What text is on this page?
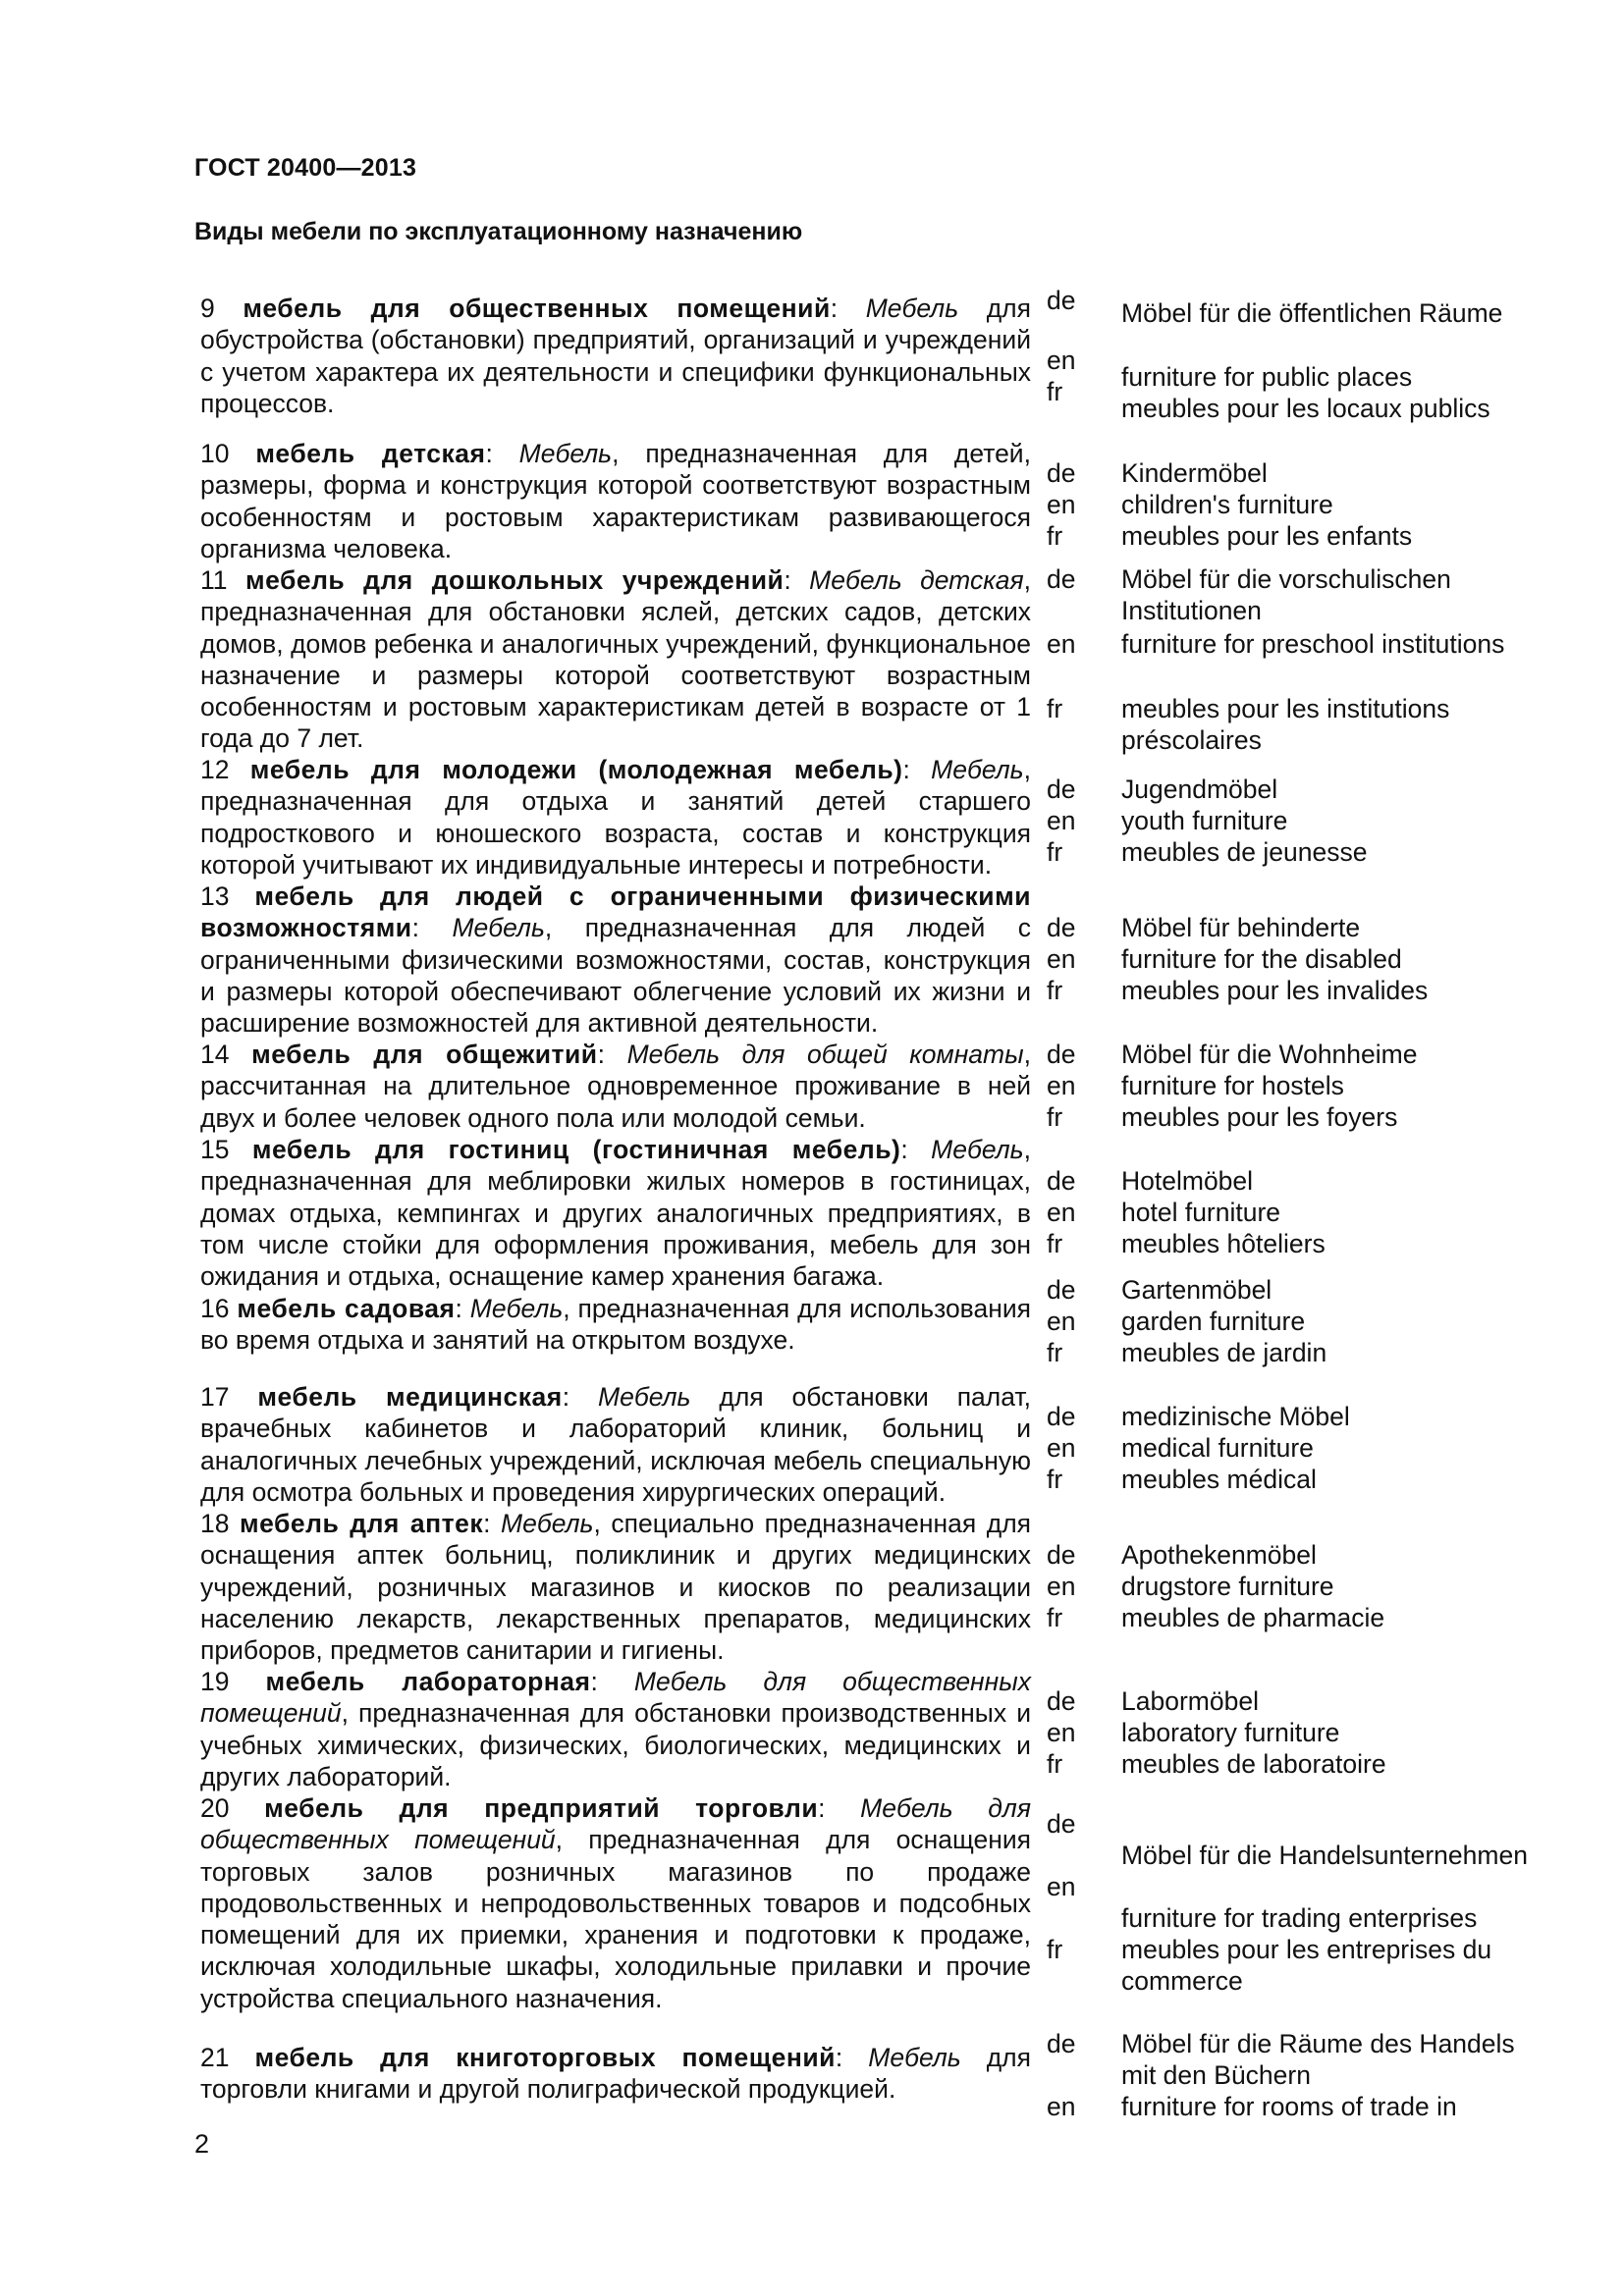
ГОСТ 20400—2013
Виды мебели по эксплуатационному назначению

9 мебель для общественных помещений: Мебель для обустройства (обстановки) предприятий, организаций и учреждений с учетом характера их деятельности и специфики функциональных процессов.

de	Möbel für die öffentlichen Räume
en
furniture for public places
fr
meubles pour les locaux publics

10 мебель детская: Мебель, предназначенная для детей, размеры, форма и конструкция которой соответствуют возрастным особенностям и ростовым характеристикам развивающегося организма человека.

de	Kindermöbel
en	children's furniture
fr	meubles pour les enfants

11 мебель для дошкольных учреждений: Мебель детская, предназначенная для обстановки яслей, детских садов, детских домов, домов ребенка и аналогичных учреждений, функциональное назначение и размеры которой соответствуют возрастным особенностям и ростовым характеристикам детей в возрасте от 1 года до 7 лет.

de	Möbel für die vorschulischen Institutionen
en	furniture for preschool institutions
fr	meubles pour les institutions préscolaires

12 мебель для молодежи (молодежная мебель): Мебель, предназначенная для отдыха и занятий детей старшего подросткового и юношеского возраста, состав и конструкция которой учитывают их индивидуальные интересы и потребности.

de	Jugendmöbel
en	youth furniture
fr	meubles de jeunesse

13 мебель для людей с ограниченными физическими возможностями: Мебель, предназначенная для людей с ограниченными физическими возможностями, состав, конструкция и размеры которой обеспечивают облегчение условий их жизни и расширение возможностей для активной деятельности.

de	Möbel für behinderte
en	furniture for the disabled
fr	meubles pour les invalides

14 мебель для общежитий: Мебель для общей комнаты, рассчитанная на длительное одновременное проживание в ней двух и более человек одного пола или молодой семьи.

de	Möbel für die Wohnheime
en	furniture for hostels
fr	meubles pour les foyers

15 мебель для гостиниц (гостиничная мебель): Мебель, предназначенная для меблировки жилых номеров в гостиницах, домах отдыха, кемпингах и других аналогичных предприятиях, в том числе стойки для оформления проживания, мебель для зон ожидания и отдыха, оснащение камер хранения багажа.

de	Hotelmöbel
en	hotel furniture
fr	meubles hôteliers

16 мебель садовая: Мебель, предназначенная для использования во время отдыха и занятий на открытом воздухе.

de	Gartenmöbel
en	garden furniture
fr	meubles de jardin

17 мебель медицинская: Мебель для обстановки палат, врачебных кабинетов и лабораторий клиник, больниц и аналогичных лечебных учреждений, исключая мебель специальную для осмотра больных и проведения хирургических операций.

de	medizinische Möbel
en	medical furniture
fr	meubles médical

18 мебель для аптек: Мебель, специально предназначенная для оснащения аптек больниц, поликлиник и других медицинских учреждений, розничных магазинов и киосков по реализации населению лекарств, лекарственных препаратов, медицинских приборов, предметов санитарии и гигиены.

de	Apothekenmöbel
en	drugstore furniture
fr	meubles de pharmacie

19 мебель лабораторная: Мебель для общественных помещений, предназначенная для обстановки производственных и учебных химических, физических, биологических, медицинских и других лабораторий.

de	Labormöbel
en	laboratory furniture
fr	meubles de laboratoire

20 мебель для предприятий торговли: Мебель для общественных помещений, предназначенная для оснащения торговых залов розничных магазинов по продаже продовольственных и непродовольственных товаров и подсобных помещений для их приемки, хранения и подготовки к продаже, исключая холодильные шкафы, холодильные прилавки и прочие устройства специального назначения.

de
Möbel für die Handelsunternehmen
en
furniture for trading enterprises
fr	meubles pour les entreprises du commerce

21 мебель для книготорговых помещений: Мебель для торговли книгами и другой полиграфической продукцией.

de	Möbel für die Räume des Handels mit den Büchern
en	furniture for rooms of trade in
2
